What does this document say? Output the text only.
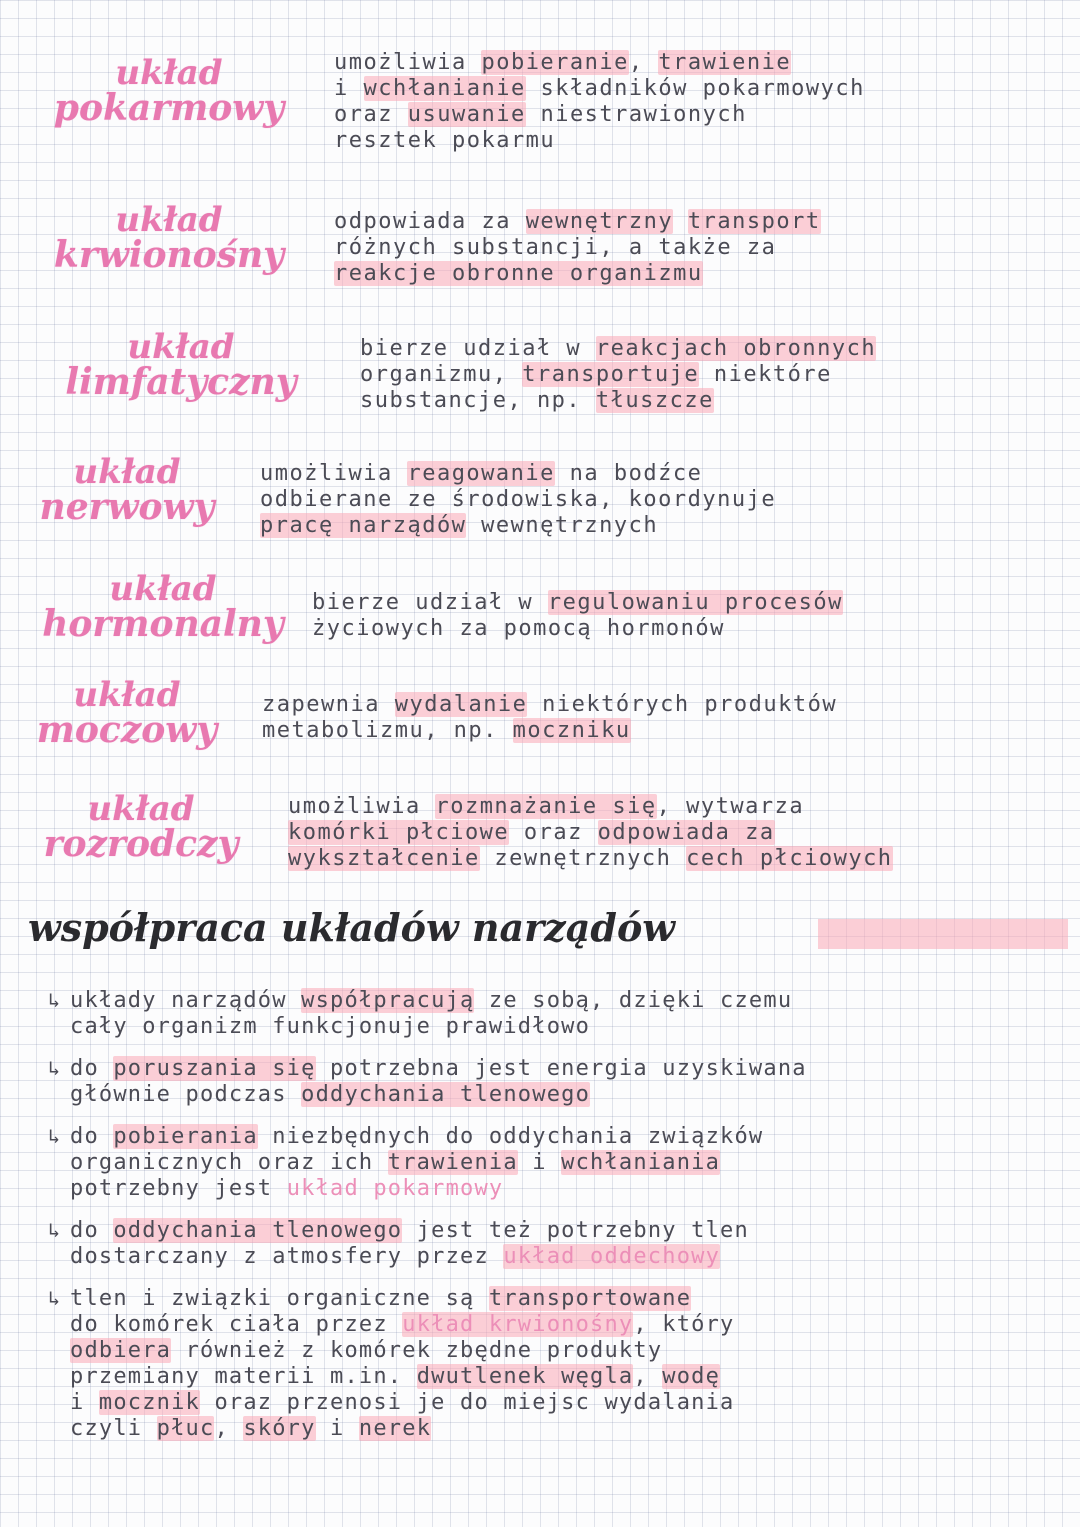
układ
pokarmowy
umożliwia pobieranie, trawienie
i wchłanianie składników pokarmowych
oraz usuwanie niestrawionych
resztek pokarmu
układ
krwionośny
odpowiada za wewnętrzny transport
różnych substancji, a także za
reakcje obronne organizmu
układ
limfatyczny
bierze udział w reakcjach obronnych
organizmu, transportuje niektóre
substancje, np. tłuszcze
układ
nerwowy
umożliwia reagowanie na bodźce
odbierane ze środowiska, koordynuje
pracę narządów wewnętrznych
układ
hormonalny
bierze udział w regulowaniu procesów
życiowych za pomocą hormonów
układ
moczowy
zapewnia wydalanie niektórych produktów
metabolizmu, np. moczniku
układ
rozrodczy
umożliwia rozmnażanie się, wytwarza
komórki płciowe oraz odpowiada za
wykształcenie zewnętrznych cech płciowych
współpraca układów narządów
↳ układy narządów współpracują ze sobą, dzięki czemu
cały organizm funkcjonuje prawidłowo
↳ do poruszania się potrzebna jest energia uzyskiwana
głównie podczas oddychania tlenowego
↳ do pobierania niezbędnych do oddychania związków
organicznych oraz ich trawienia i wchłaniania
potrzebny jest układ pokarmowy
↳ do oddychania tlenowego jest też potrzebny tlen
dostarczany z atmosfery przez układ oddechowy
↳ tlen i związki organiczne są transportowane
do komórek ciała przez układ krwionośny, który
odbiera również z komórek zbędne produkty
przemiany materii m.in. dwutlenek węgla, wodę
i mocznik oraz przenosi je do miejsc wydalania
czyli płuc, skóry i nerek
